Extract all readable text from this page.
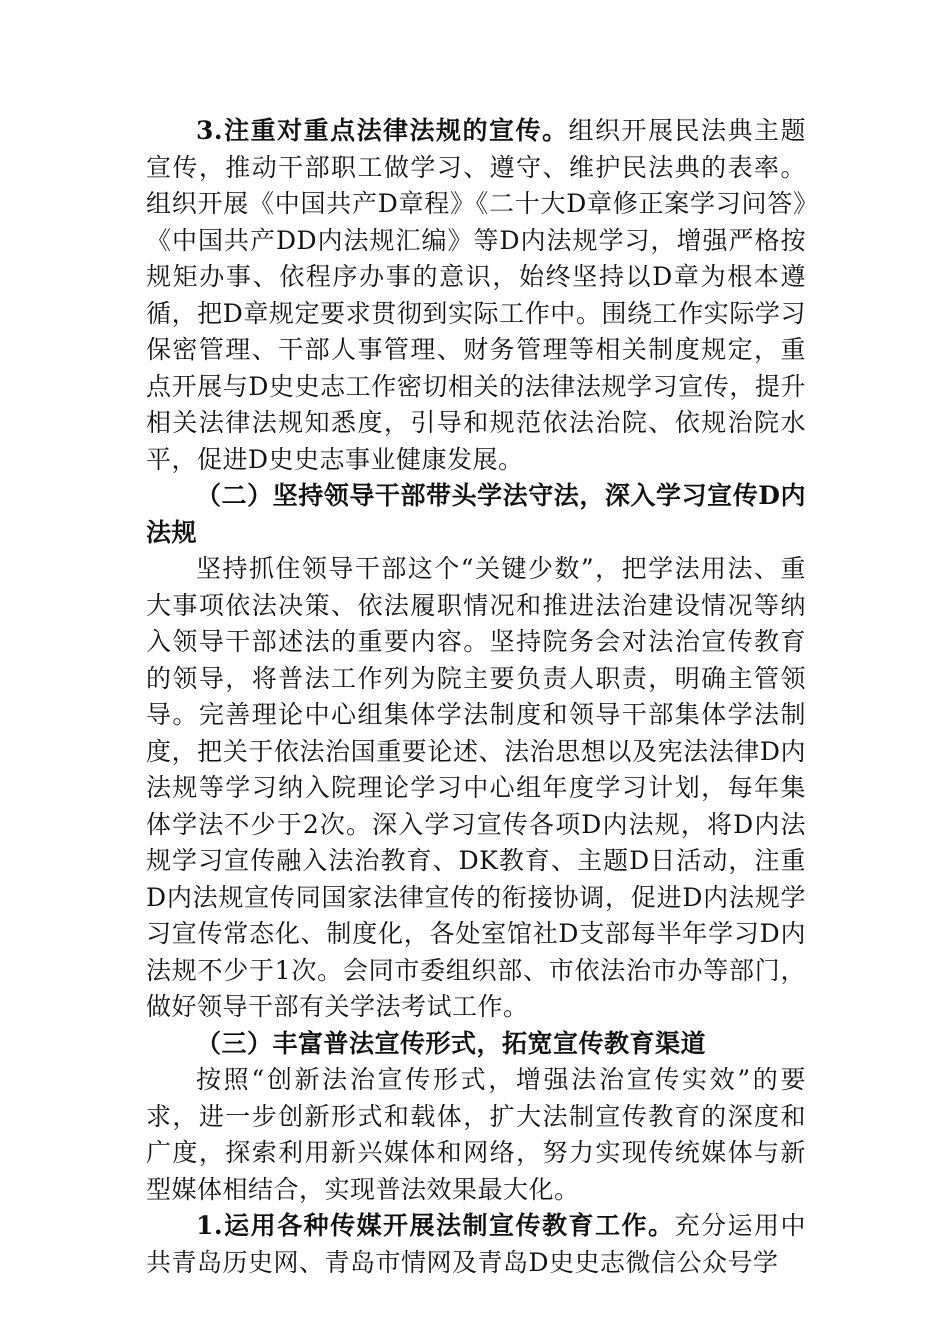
3.注重对重点法律法规的宣传。组织开展民法典主题宣传，推动干部职工做学习、遵守、维护民法典的表率。组织开展《中国共产D章程》《二十大D章修正案学习问答》《中国共产DD内法规汇编》等D内法规学习，增强严格按规矩办事、依程序办事的意识，始终坚持以D章为根本遵循，把D章规定要求贯彻到实际工作中。围绕工作实际学习保密管理、干部人事管理、财务管理等相关制度规定，重点开展与D史史志工作密切相关的法律法规学习宣传，提升相关法律法规知悉度，引导和规范依法治院、依规治院水平，促进D史史志事业健康发展。

（二）坚持领导干部带头学法守法，深入学习宣传D内法规

坚持抓住领导干部这个“关键少数”，把学法用法、重大事项依法决策、依法履职情况和推进法治建设情况等纳入领导干部述法的重要内容。坚持院务会对法治宣传教育的领导，将普法工作列为院主要负责人职责，明确主管领导。完善理论中心组集体学法制度和领导干部集体学法制度，把关于依法治国重要论述、法治思想以及宪法法律D内法规等学习纳入院理论学习中心组年度学习计划，每年集体学法不少于2次。深入学习宣传各项D内法规，将D内法规学习宣传融入法治教育、DK教育、主题D日活动，注重D内法规宣传同国家法律宣传的衔接协调，促进D内法规学习宣传常态化、制度化，各处室馆社D支部每半年学习D内法规不少于1次。会同市委组织部、市依法治市办等部门，做好领导干部有关学法考试工作。

（三）丰富普法宣传形式，拓宽宣传教育渠道

按照“创新法治宣传形式，增强法治宣传实效”的要求，进一步创新形式和载体，扩大法制宣传教育的深度和广度，探索利用新兴媒体和网络，努力实现传统媒体与新型媒体相结合，实现普法效果最大化。

1.运用各种传媒开展法制宣传教育工作。充分运用中共青岛历史网、青岛市情网及青岛D史史志微信公众号学
